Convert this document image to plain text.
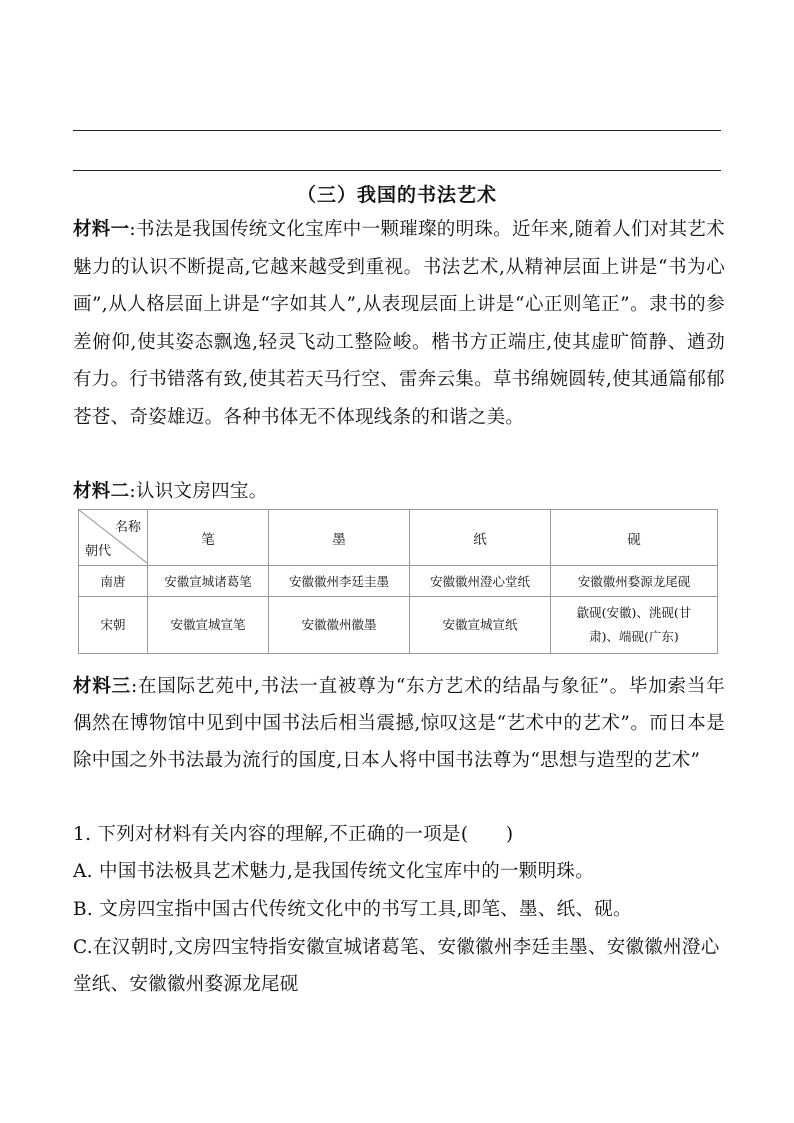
（三）我国的书法艺术
材料一:书法是我国传统文化宝库中一颗璀璨的明珠。近年来,随着人们对其艺术魅力的认识不断提高,它越来越受到重视。书法艺术,从精神层面上讲是“书为心画”,从人格层面上讲是“字如其人”,从表现层面上讲是“心正则笔正”。隶书的参差俯仰,使其姿态飘逸,轻灵飞动工整险峻。楷书方正端庄,使其虚旷简静、遒劲有力。行书错落有致,使其若天马行空、雷奔云集。草书绵婉圆转,使其通篇郁郁苍苍、奇姿雄迈。各种书体无不体现线条的和谐之美。
材料二:认识文房四宝。
名称
朝代	笔	墨	纸	砚
南唐	安徽宣城诸葛笔	安徽徽州李廷圭墨	安徽徽州澄心堂纸	安徽徽州婺源龙尾砚
宋朝	安徽宣城宣笔	安徽徽州徽墨	安徽宣城宣纸	歙砚(安徽)、洮砚(甘肃)、端砚(广东)
材料三:在国际艺苑中,书法一直被尊为“东方艺术的结晶与象征”。毕加索当年偶然在博物馆中见到中国书法后相当震撼,惊叹这是“艺术中的艺术”。而日本是除中国之外书法最为流行的国度,日本人将中国书法尊为“思想与造型的艺术”
1. 下列对材料有关内容的理解,不正确的一项是(　　)
A. 中国书法极具艺术魅力,是我国传统文化宝库中的一颗明珠。
B. 文房四宝指中国古代传统文化中的书写工具,即笔、墨、纸、砚。
C.在汉朝时,文房四宝特指安徽宣城诸葛笔、安徽徽州李廷圭墨、安徽徽州澄心堂纸、安徽徽州婺源龙尾砚
